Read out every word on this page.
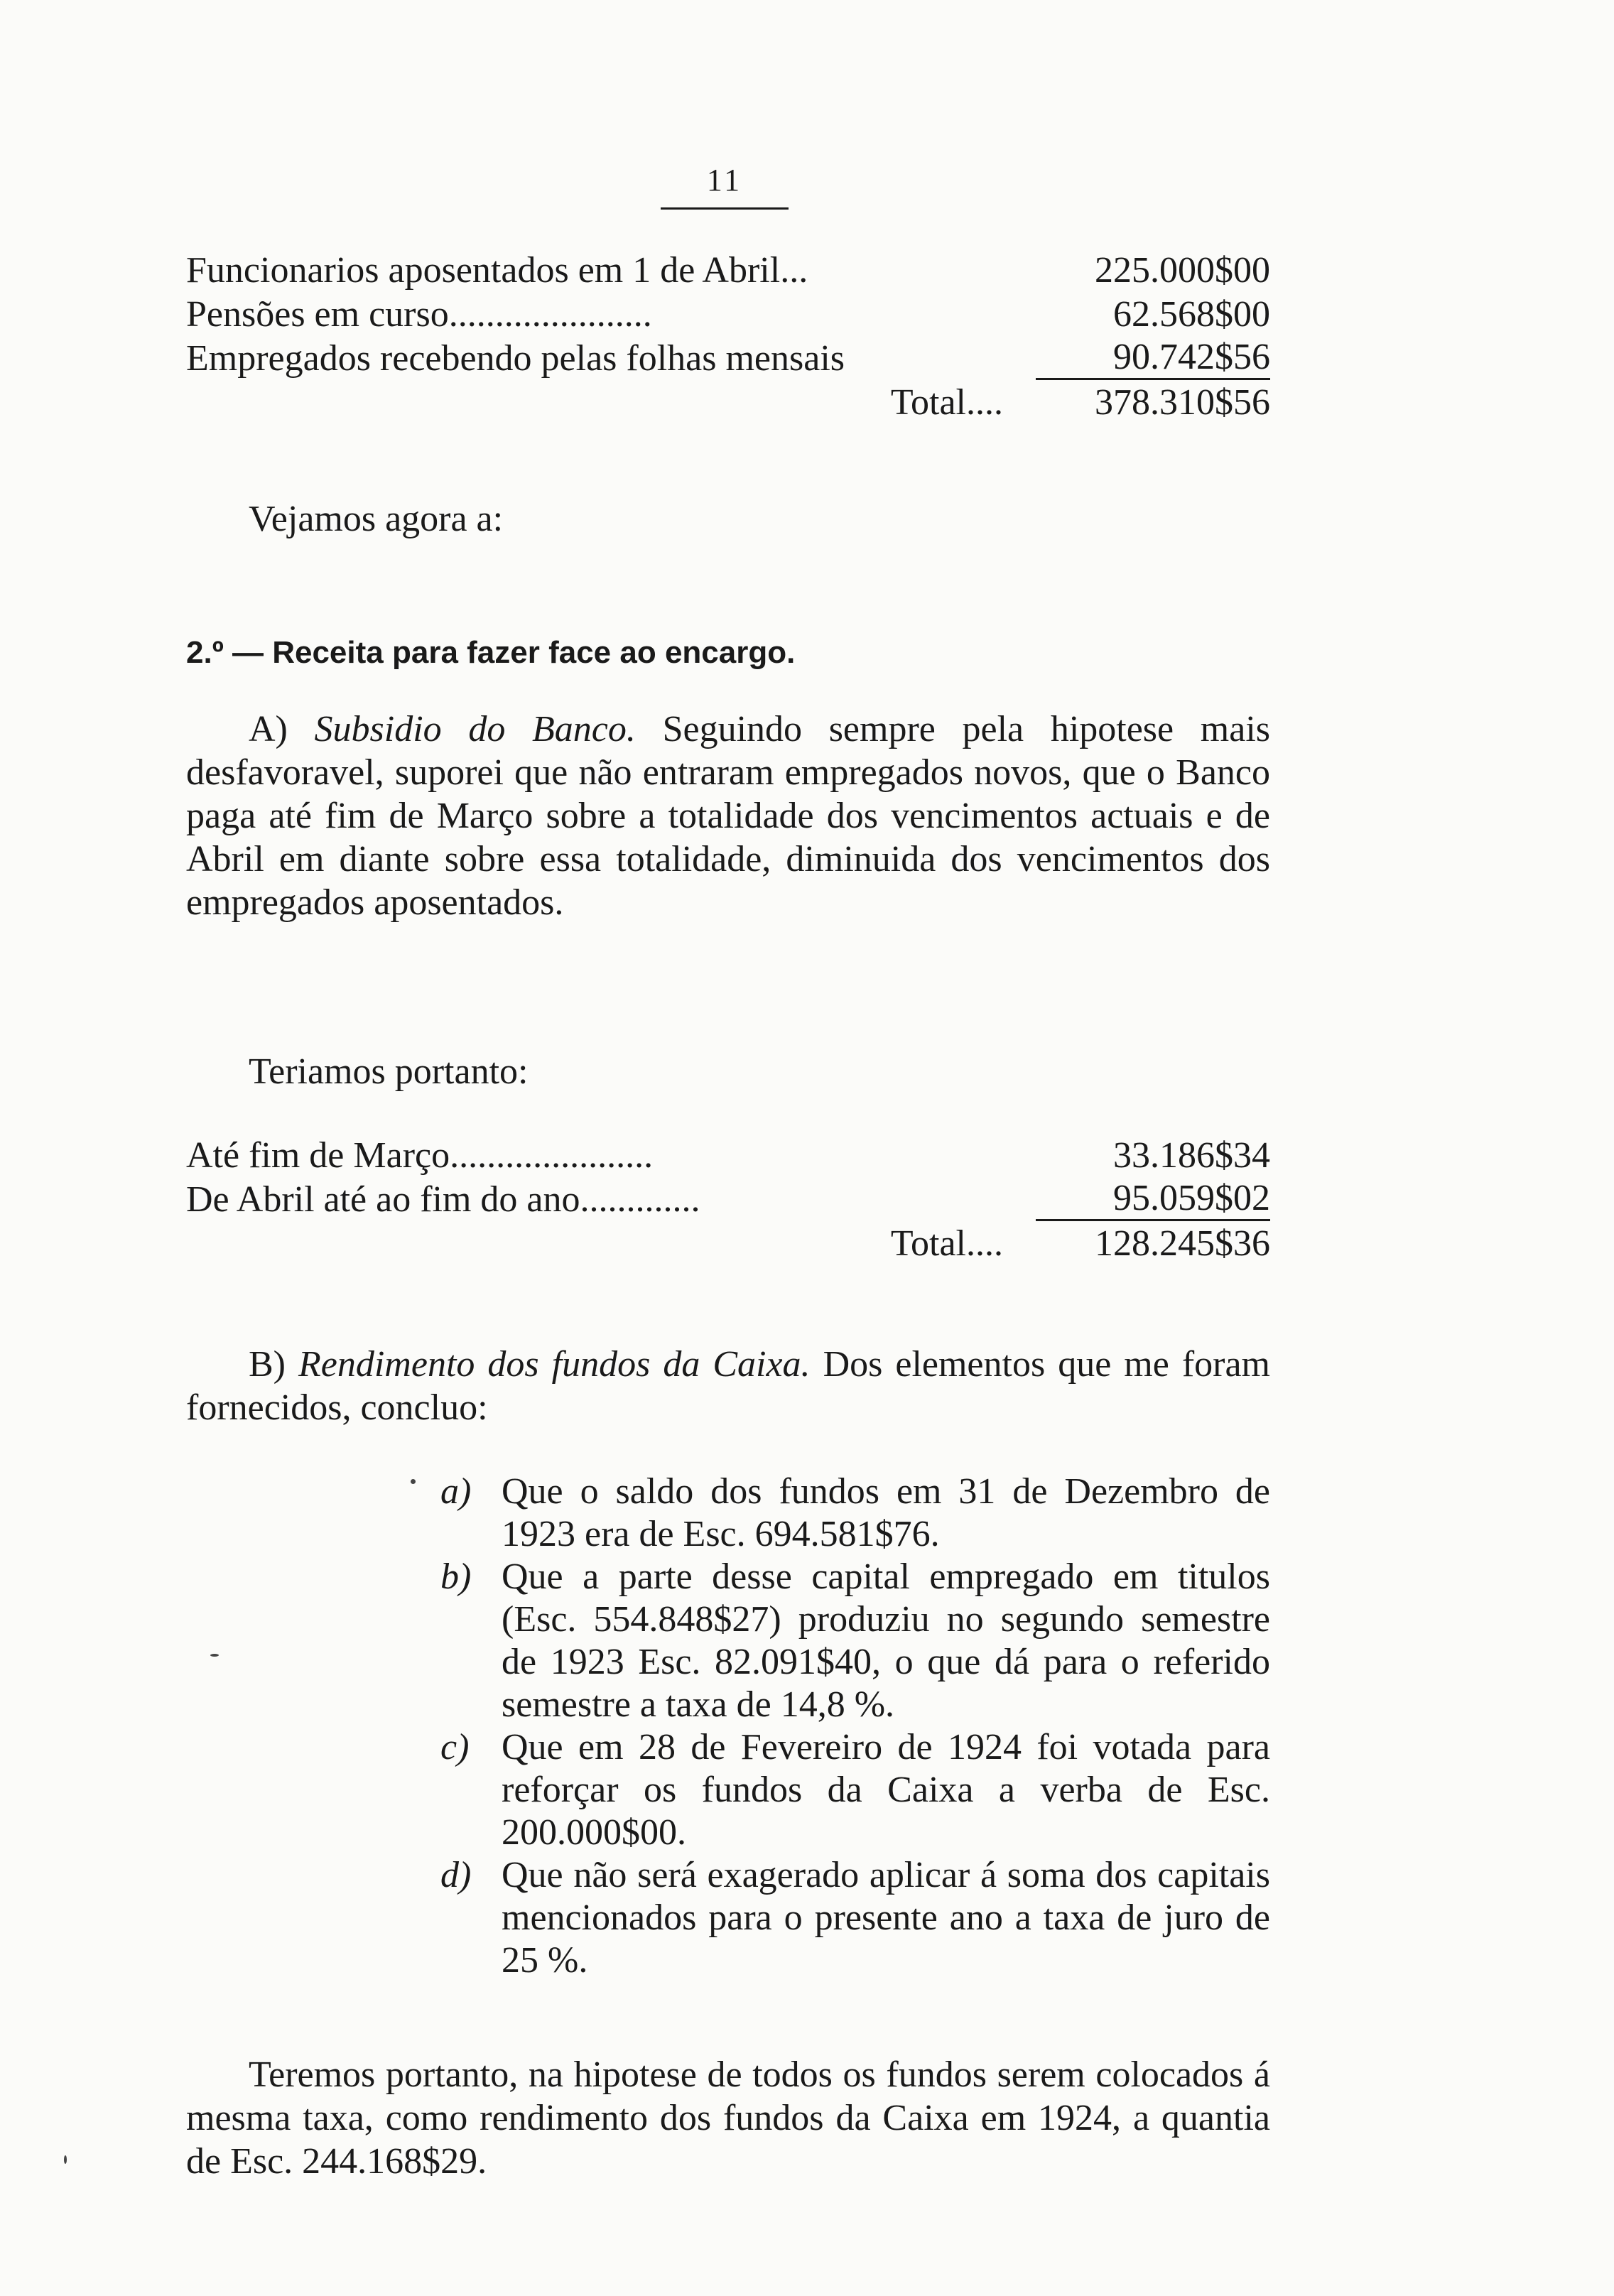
11
Funcionarios aposentados em 1 de Abril...	225.000$00
Pensões em curso......................	62.568$00
Empregados recebendo pelas folhas mensais	90.742$56
Total....	378.310$56
Vejamos agora a:
2.º — Receita para fazer face ao encargo.
A) Subsidio do Banco. Seguindo sempre pela hipotese mais desfavoravel, suporei que não entraram empregados novos, que o Banco paga até fim de Março sobre a totalidade dos vencimentos actuais e de Abril em diante sobre essa totalidade, diminuida dos vencimentos dos empregados aposentados.
Teriamos portanto:
Até fim de Março......................	33.186$34
De Abril até ao fim do ano.............	95.059$02
Total....	128.245$36
B) Rendimento dos fundos da Caixa. Dos elementos que me foram fornecidos, concluo:
a) Que o saldo dos fundos em 31 de Dezembro de 1923 era de Esc. 694.581$76.
b) Que a parte desse capital empregado em titulos (Esc. 554.848$27) produziu no segundo semestre de 1923 Esc. 82.091$40, o que dá para o referido semestre a taxa de 14,8 %.
c) Que em 28 de Fevereiro de 1924 foi votada para reforçar os fundos da Caixa a verba de Esc. 200.000$00.
d) Que não será exagerado aplicar á soma dos capitais mencionados para o presente ano a taxa de juro de 25 %.
Teremos portanto, na hipotese de todos os fundos serem colocados á mesma taxa, como rendimento dos fundos da Caixa em 1924, a quantia de Esc. 244.168$29.
